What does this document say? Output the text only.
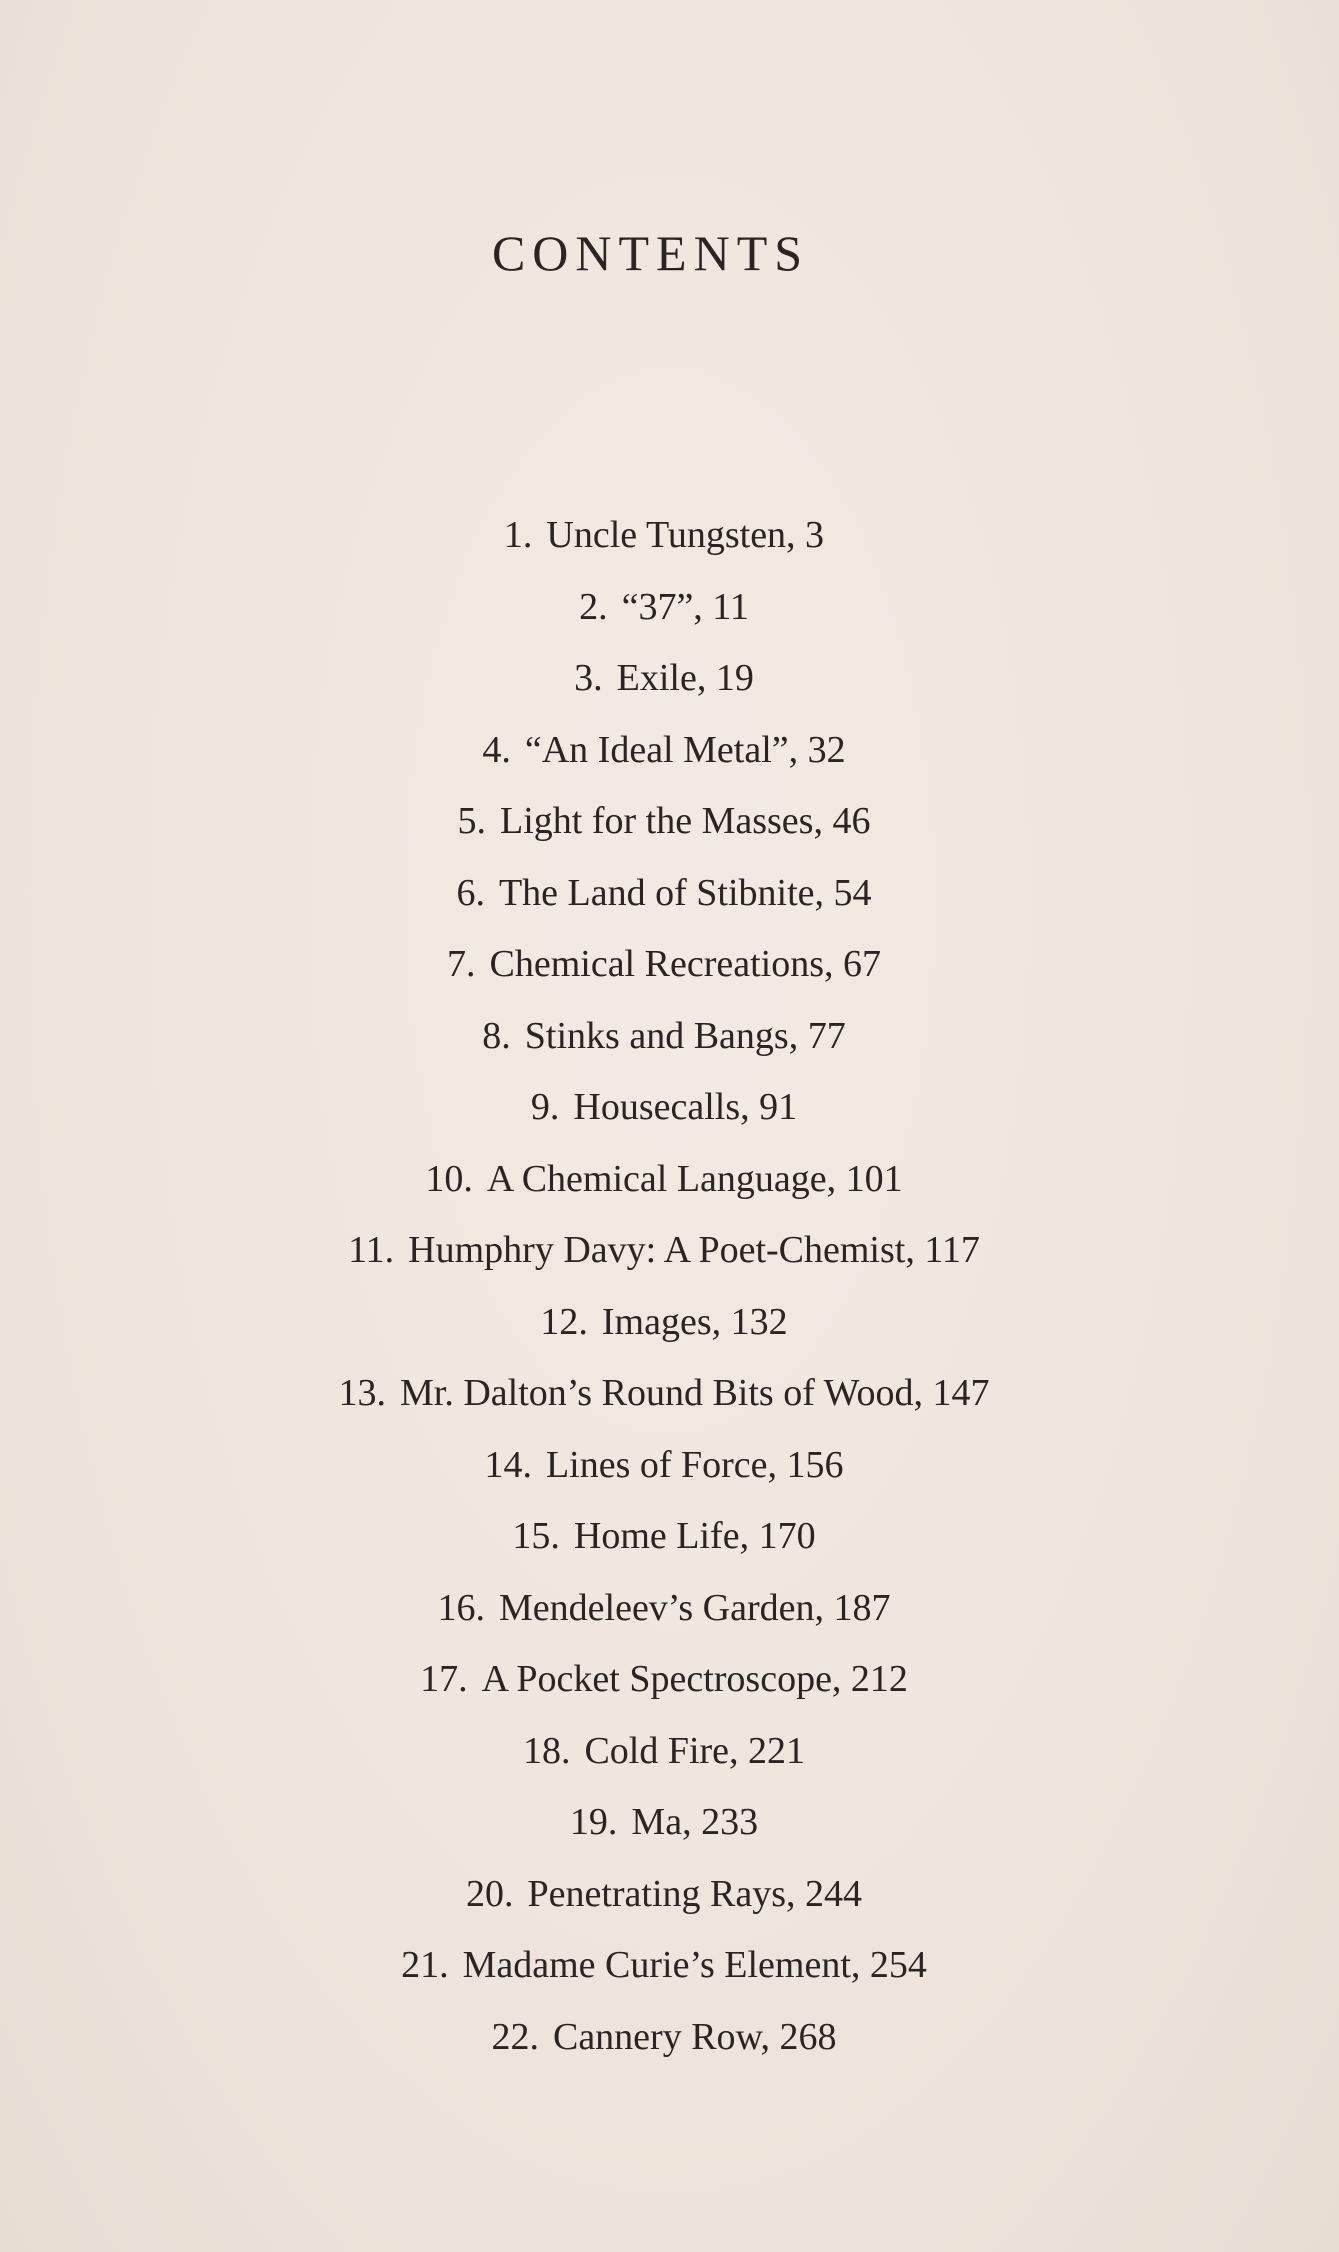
CONTENTS
1. Uncle Tungsten, 3
2. “37”, 11
3. Exile, 19
4. “An Ideal Metal”, 32
5. Light for the Masses, 46
6. The Land of Stibnite, 54
7. Chemical Recreations, 67
8. Stinks and Bangs, 77
9. Housecalls, 91
10. A Chemical Language, 101
11. Humphry Davy: A Poet-Chemist, 117
12. Images, 132
13. Mr. Dalton’s Round Bits of Wood, 147
14. Lines of Force, 156
15. Home Life, 170
16. Mendeleev’s Garden, 187
17. A Pocket Spectroscope, 212
18. Cold Fire, 221
19. Ma, 233
20. Penetrating Rays, 244
21. Madame Curie’s Element, 254
22. Cannery Row, 268
